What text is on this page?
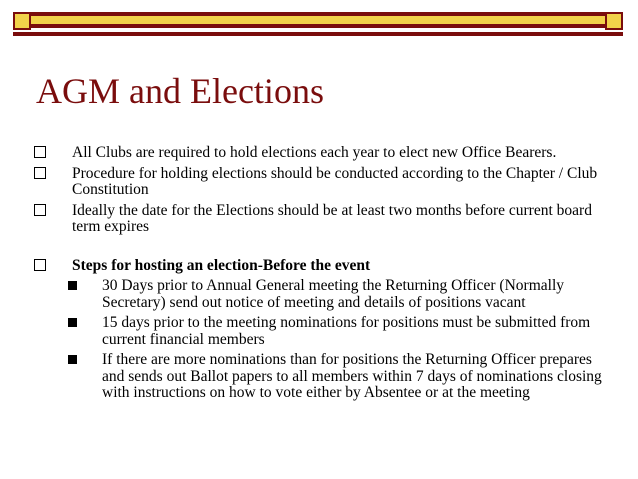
AGM and Elections
All Clubs are required to hold elections each year to elect new Office Bearers.
Procedure for holding elections should be conducted according to the Chapter / Club Constitution
Ideally the date for the Elections should be at least two months before current board term expires
Steps for hosting an election-Before the event
30 Days prior to Annual General meeting the Returning Officer (Normally Secretary) send out notice of meeting and details of positions vacant
15 days prior to the meeting nominations for positions must be submitted from current financial members
If there are more nominations than for positions the Returning Officer prepares and sends out Ballot papers to all members within 7 days of nominations closing with instructions on how to vote either by Absentee or at the meeting
